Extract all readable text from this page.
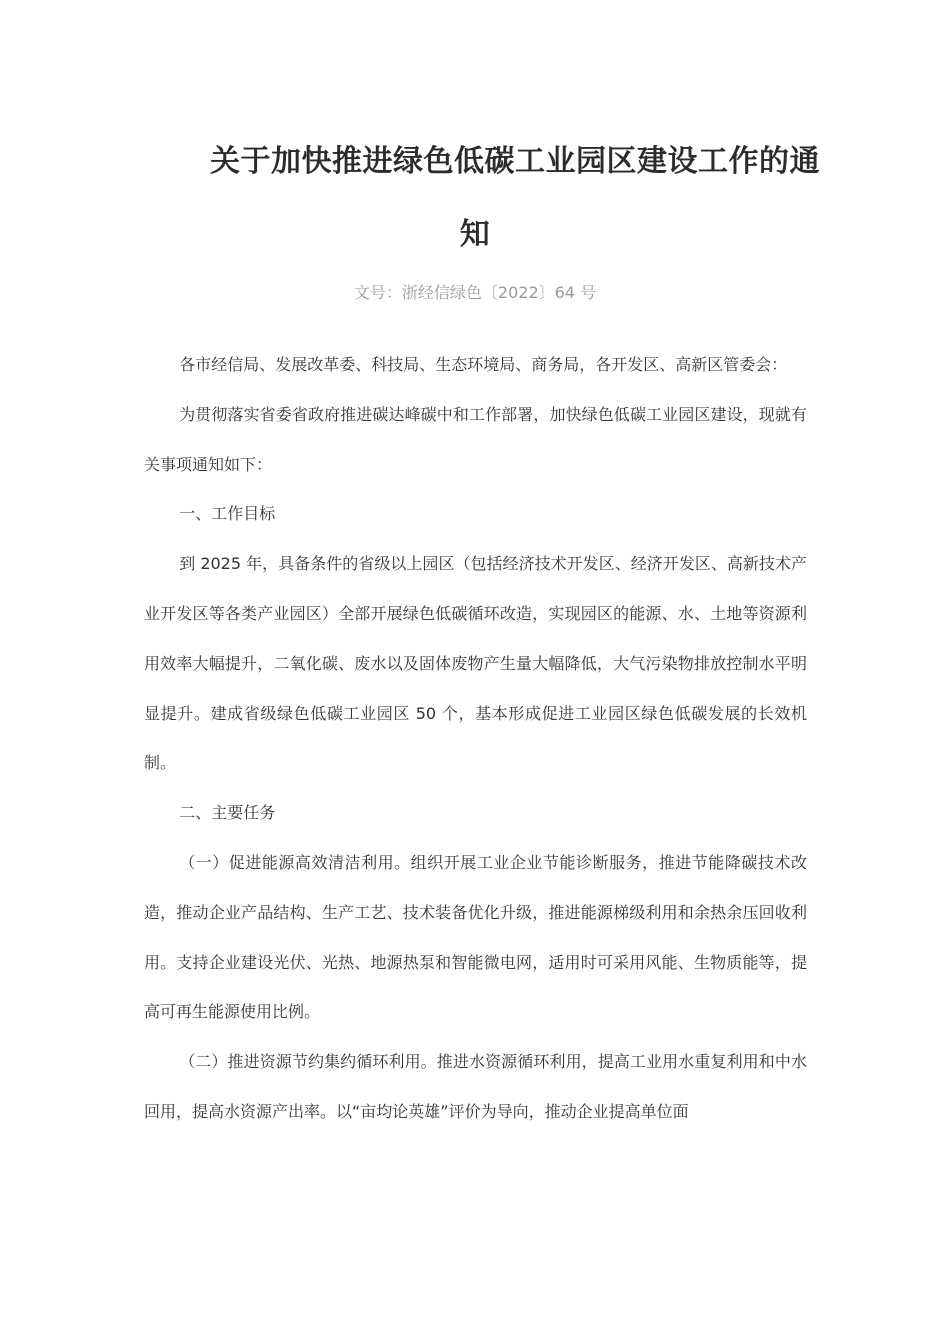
关于加快推进绿色低碳工业园区建设工作的通
知
文号：浙经信绿色〔2022〕64 号

各市经信局、发展改革委、科技局、生态环境局、商务局，各开发区、高新区管委会：

为贯彻落实省委省政府推进碳达峰碳中和工作部署，加快绿色低碳工业园区建设，现就有关事项通知如下：

一、工作目标

到 2025 年，具备条件的省级以上园区（包括经济技术开发区、经济开发区、高新技术产业开发区等各类产业园区）全部开展绿色低碳循环改造，实现园区的能源、水、土地等资源利用效率大幅提升，二氧化碳、废水以及固体废物产生量大幅降低，大气污染物排放控制水平明显提升。建成省级绿色低碳工业园区 50 个，基本形成促进工业园区绿色低碳发展的长效机制。

二、主要任务

（一）促进能源高效清洁利用。组织开展工业企业节能诊断服务，推进节能降碳技术改造，推动企业产品结构、生产工艺、技术装备优化升级，推进能源梯级利用和余热余压回收利用。支持企业建设光伏、光热、地源热泵和智能微电网，适用时可采用风能、生物质能等，提高可再生能源使用比例。

（二）推进资源节约集约循环利用。推进水资源循环利用，提高工业用水重复利用和中水回用，提高水资源产出率。以“亩均论英雄”评价为导向，推动企业提高单位面
